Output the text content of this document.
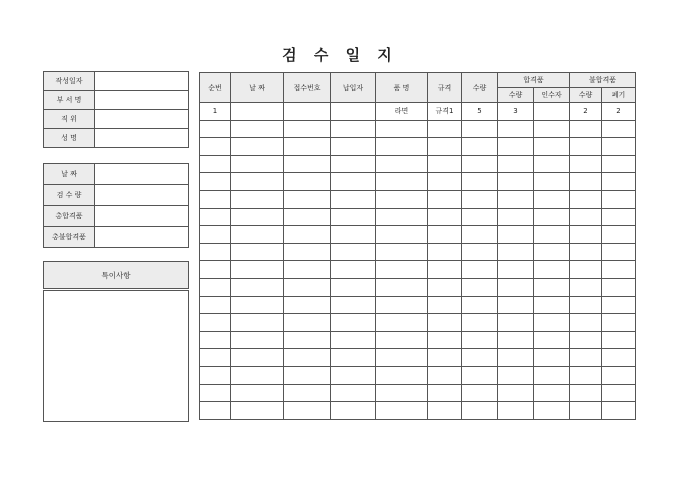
검 수 일 지
작성일자	
부 서 명	
직 위	
성 명	
날 짜	
검 수 량	
총합격품	
총불합격품	
특이사항

순번	날 짜	접수번호	납입자	품 명	규격	수량	합격품		불합격품	
							수량	인수자	수량	폐기
1				라면	규격1	5	3		2	2
